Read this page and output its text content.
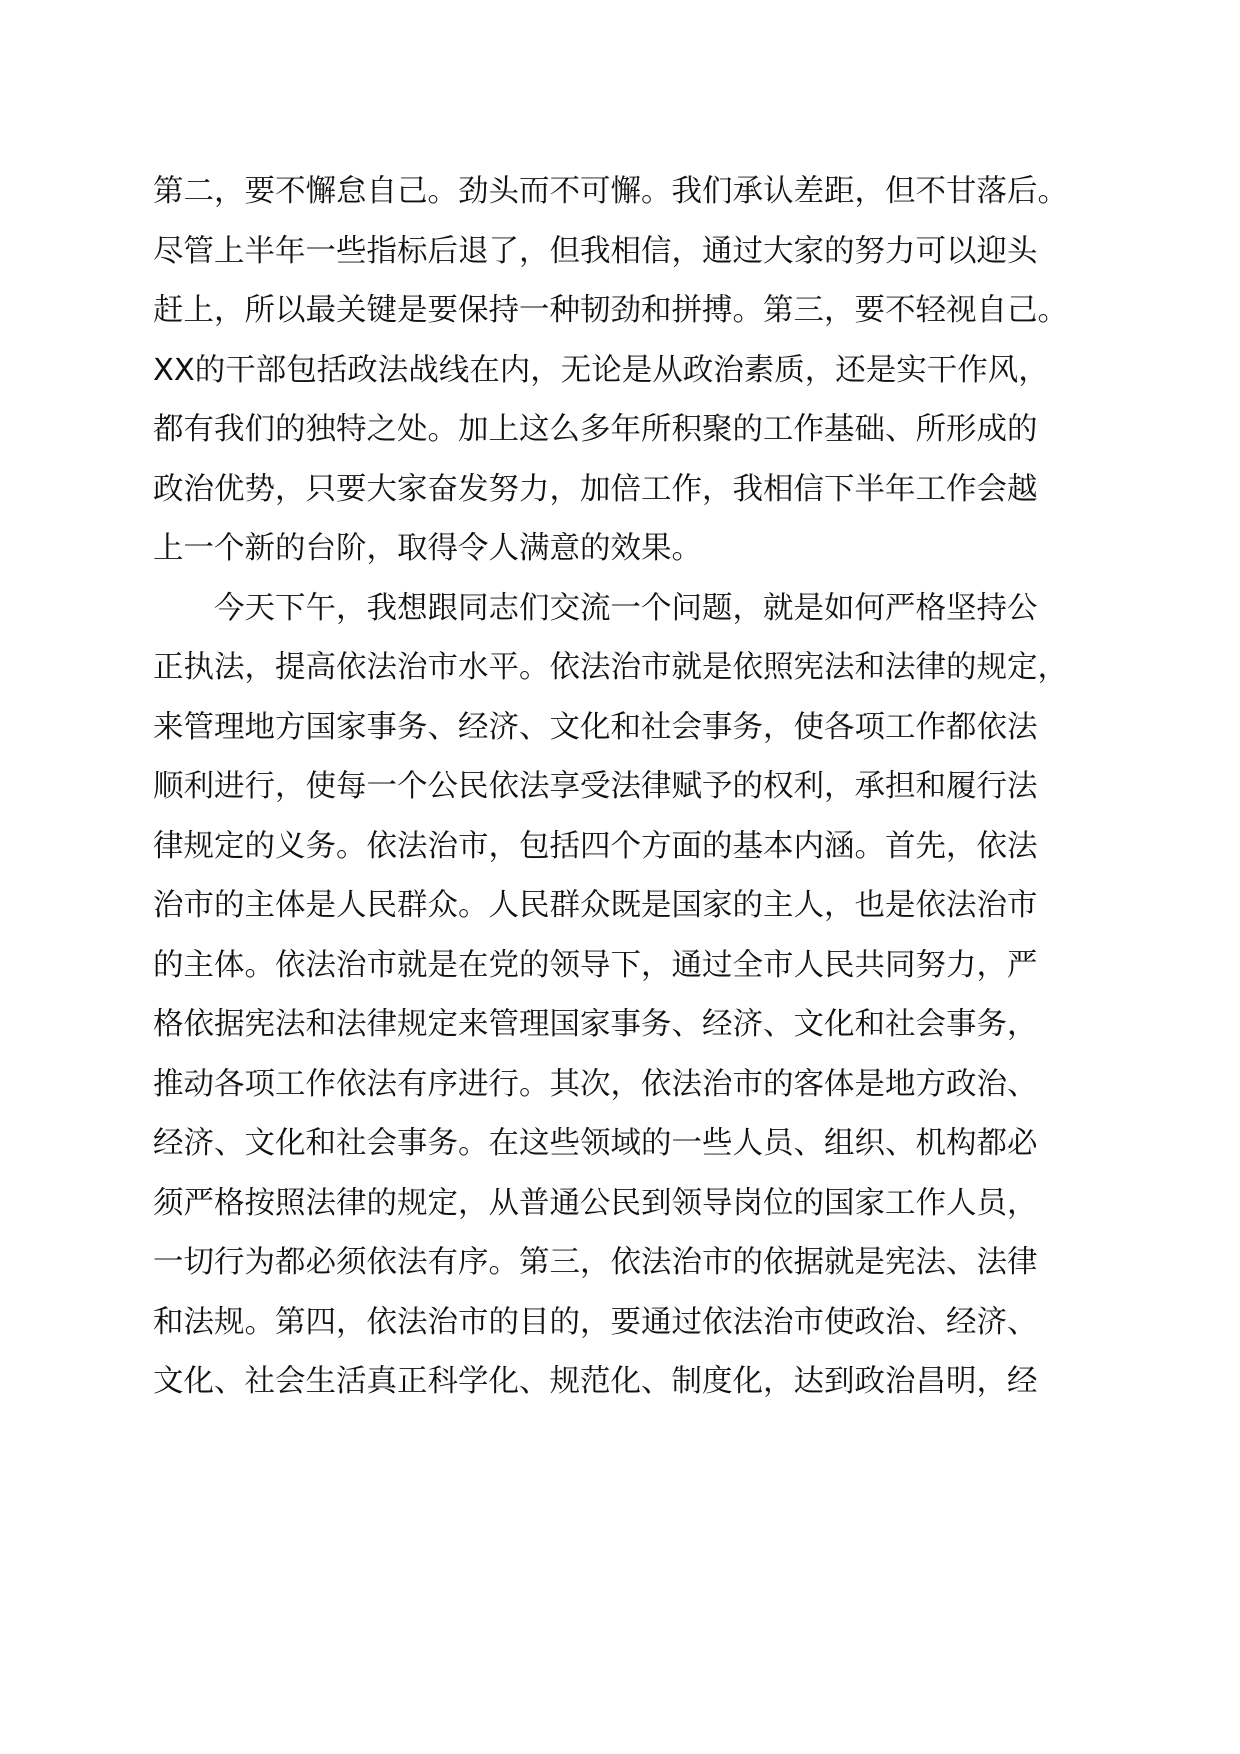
第二，要不懈怠自己。劲头而不可懈。我们承认差距，但不甘落后。
尽管上半年一些指标后退了，但我相信，通过大家的努力可以迎头
赶上，所以最关键是要保持一种韧劲和拼搏。第三，要不轻视自己。
XX的干部包括政法战线在内，无论是从政治素质，还是实干作风，
都有我们的独特之处。加上这么多年所积聚的工作基础、所形成的
政治优势，只要大家奋发努力，加倍工作，我相信下半年工作会越
上一个新的台阶，取得令人满意的效果。
　　今天下午，我想跟同志们交流一个问题，就是如何严格坚持公
正执法，提高依法治市水平。依法治市就是依照宪法和法律的规定，
来管理地方国家事务、经济、文化和社会事务，使各项工作都依法
顺利进行，使每一个公民依法享受法律赋予的权利，承担和履行法
律规定的义务。依法治市，包括四个方面的基本内涵。首先，依法
治市的主体是人民群众。人民群众既是国家的主人，也是依法治市
的主体。依法治市就是在党的领导下，通过全市人民共同努力，严
格依据宪法和法律规定来管理国家事务、经济、文化和社会事务，
推动各项工作依法有序进行。其次，依法治市的客体是地方政治、
经济、文化和社会事务。在这些领域的一些人员、组织、机构都必
须严格按照法律的规定，从普通公民到领导岗位的国家工作人员，
一切行为都必须依法有序。第三，依法治市的依据就是宪法、法律
和法规。第四，依法治市的目的，要通过依法治市使政治、经济、
文化、社会生活真正科学化、规范化、制度化，达到政治昌明，经
